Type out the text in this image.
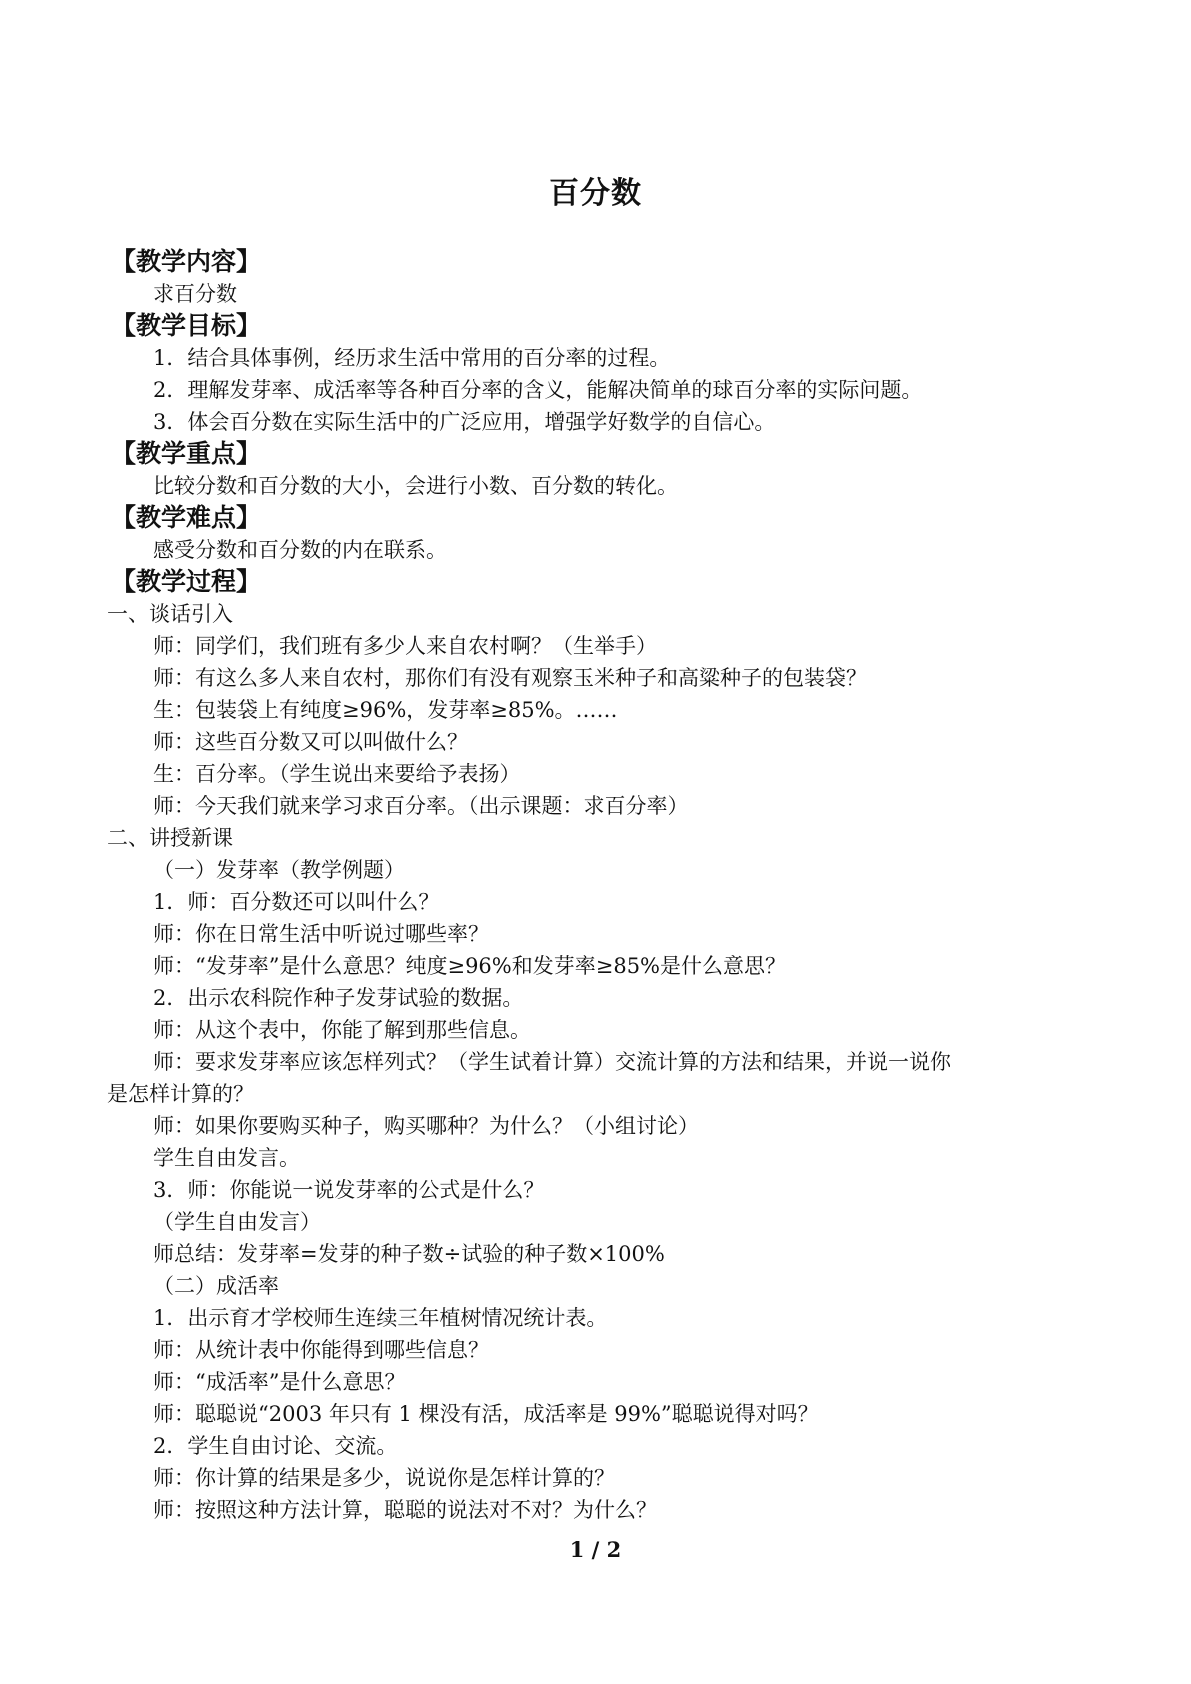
百分数
【教学内容】
求百分数
【教学目标】
1．结合具体事例，经历求生活中常用的百分率的过程。
2．理解发芽率、成活率等各种百分率的含义，能解决简单的球百分率的实际问题。
3．体会百分数在实际生活中的广泛应用，增强学好数学的自信心。
【教学重点】
比较分数和百分数的大小，会进行小数、百分数的转化。
【教学难点】
感受分数和百分数的内在联系。
【教学过程】
一、谈话引入
师：同学们，我们班有多少人来自农村啊？（生举手）
师：有这么多人来自农村，那你们有没有观察玉米种子和高粱种子的包装袋？
生：包装袋上有纯度≥96%，发芽率≥85%。……
师：这些百分数又可以叫做什么？
生：百分率。（学生说出来要给予表扬）
师：今天我们就来学习求百分率。（出示课题：求百分率）
二、讲授新课
（一）发芽率（教学例题）
1．师：百分数还可以叫什么？
师：你在日常生活中听说过哪些率？
师：“发芽率”是什么意思？纯度≥96%和发芽率≥85%是什么意思？
2．出示农科院作种子发芽试验的数据。
师：从这个表中，你能了解到那些信息。
师：要求发芽率应该怎样列式？（学生试着计算）交流计算的方法和结果，并说一说你
是怎样计算的？
师：如果你要购买种子，购买哪种？为什么？（小组讨论）
学生自由发言。
3．师：你能说一说发芽率的公式是什么？
（学生自由发言）
师总结：发芽率=发芽的种子数÷试验的种子数×100%
（二）成活率
1．出示育才学校师生连续三年植树情况统计表。
师：从统计表中你能得到哪些信息？
师：“成活率”是什么意思？
师：聪聪说“2003 年只有 1 棵没有活，成活率是 99%”聪聪说得对吗？
2．学生自由讨论、交流。
师：你计算的结果是多少，说说你是怎样计算的？
师：按照这种方法计算，聪聪的说法对不对？为什么？
1 / 2
